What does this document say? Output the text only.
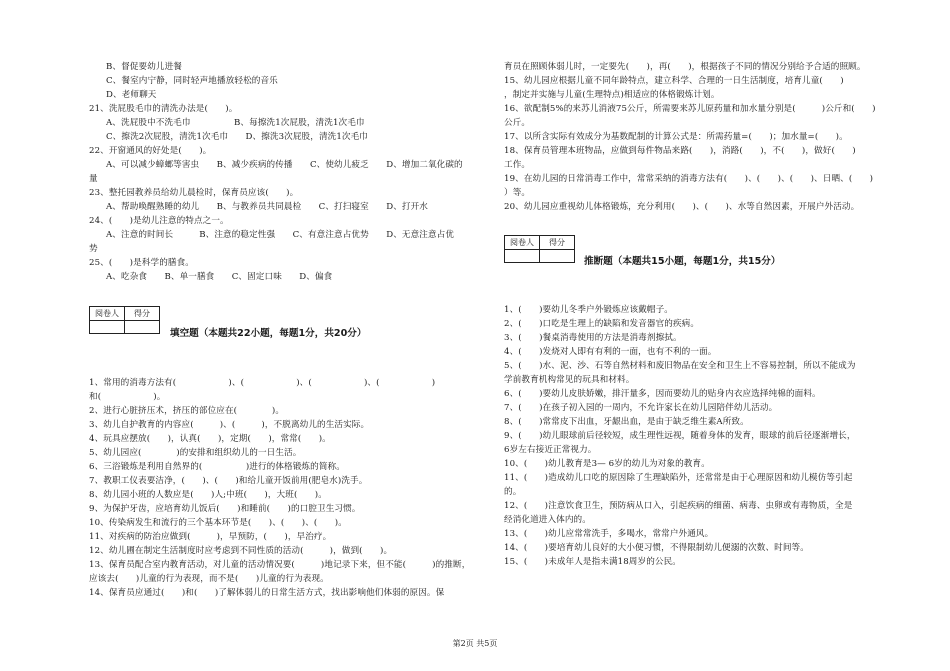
B、督促要幼儿进餐
C、餐室内宁静，同时轻声地播放轻松的音乐
D、老师聊天
21、洗屁股毛巾的清洗办法是(　　)。
A、洗屁股中不洗毛巾　　　　　B、每擦洗1次屁股，清洗1次毛巾
C、擦洗2次屁股，清洗1次毛巾　　D、擦洗3次屁股，清洗1次毛巾
22、开窗通风的好处是(　　)。
A、可以减少蟑螂等害虫　　B、减少疾病的传播　　C、使幼儿疲乏　　D、增加二氧化碳的
量
23、整托园教养员给幼儿晨检时，保育员应该(　　)。
A、帮助唤醒熟睡的幼儿　　B、与教养员共同晨检　　C、打扫寝室　　D、打开水
24、(　　)是幼儿注意的特点之一。
A、注意的时间长　　　B、注意的稳定性强　　C、有意注意占优势　　D、无意注意占优
势
25、(　　)是科学的膳食。
A、吃杂食　　B、单一膳食　　C、固定口味　　D、偏食
阅卷人	得分

填空题（本题共22小题，每题1分，共20分）
1、常用的消毒方法有(　　　　　　)、(　　　　　　)、(　　　　　　)、(　　　　　　)
和(　　　　　　)。
2、进行心脏挤压术，挤压的部位应在(　　　　)。
3、幼儿自护教育的内容应(　　　)、(　　　)，不脱离幼儿的生活实际。
4、玩具应摆放(　　)，认真(　　)，定期(　　)，常常(　　)。
5、幼儿园应(　　　　)的安排和组织幼儿的一日生活。
6、三浴锻炼是利用自然界的(　　　　　)进行的体格锻炼的简称。
7、教职工仪表要洁净，(　　)、(　　)和给儿童开饭前用(肥皂水)洗手。
8、幼儿园小班的人数应是(　　)人;中班(　　)，大班(　　)。
9、为保护牙齿，应培育幼儿饭后(　　)和睡前(　　)的口腔卫生习惯。
10、传染病发生和流行的三个基本环节是(　　)、(　　)、(　　)。
11、对疾病的防治应做到(　　　)，早预防，(　　)，早治疗。
12、幼儿圃在制定生活制度时应考虑到不同性质的活动(　　　)，做到(　　)。
13、保育员配合室内教育活动，对儿童的活动情况要(　　　)地记录下来，但不能(　　　)的推断，
应该去(　　)儿童的行为表现，而不是(　　)儿童的行为表现。
14、保育员应通过(　　)和(　　)了解体弱儿的日常生活方式，找出影响他们体弱的原因。保
育员在照顾体弱儿时，一定要先(　　)，再(　　)，根据孩子不同的情况分别给予合适的照顾。
15、幼儿园应根据儿童不同年龄特点，建立科学、合理的一日生活制度，培育儿童(　　)
，制定并实施与儿童(生理特点)相适应的体格锻炼计划。
16、欲配制5%的来苏儿消液75公斤，所需要来苏儿原药量和加水量分别是(　　　)公斤和(　　)
公斤。
17、以所含实际有效成分为基数配制的计算公式是：所需药量=(　　)；加水量=(　　)。
18、保育员管理本班物品，应做到每件物品来路(　　)，消路(　　)，不(　　)，做好(　　)
工作。
19、在幼儿园的日常消毒工作中，常常采纳的消毒方法有(　　)、(　　)、(　　)、日晒、(　　)
）等。
20、幼儿园应重视幼儿体格锻炼，充分利用(　　)、(　　)、水等自然因素，开展户外活动。
阅卷人	得分

推断题（本题共15小题，每题1分，共15分）
1、(　　)要幼儿冬季户外锻炼应该戴帽子。
2、(　　)口吃是生理上的缺陷和发音器官的疾病。
3、(　　)餐桌消毒使用的方法是消毒剂擦拭。
4、(　　)发烧对人即有有利的一面，也有不利的一面。
5、(　　)水、泥、沙、石等自然材料和废旧物品在安全和卫生上不容易控制，所以不能成为
学前教育机构常见的玩具和材料。
6、(　　)要幼儿皮肤娇嫩，排汗量多，因而要幼儿的贴身内衣应选择纯棉的面料。
7、(　　)在孩子初入园的一周内，不允许家长在幼儿园陪伴幼儿活动。
8、(　　)常常皮下出血，牙龈出血，是由于缺乏维生素A所致。
9、(　　)幼儿眼球前后径较短，成生理性远视，随着身体的发育，眼球的前后径逐渐增长，
6岁左右接近正常视力。
10、(　　)幼儿教育是3— 6岁的幼儿为对象的教育。
11、(　　)造成幼儿口吃的原因除了生理缺陷外，还常常是由于心理原因和幼儿模仿等引起
的。
12、(　　)注意饮食卫生，预防病从口入，引起疾病的细菌、病毒、虫卵或有毒物质，全是
经消化道进入体内的。
13、(　　)幼儿应常常洗手，多喝水，常常户外通风。
14、(　　)要培育幼儿良好的大小便习惯，不得限制幼儿便溺的次数、时间等。
15、(　　)未成年人是指未满18周岁的公民。
第2页 共5页
